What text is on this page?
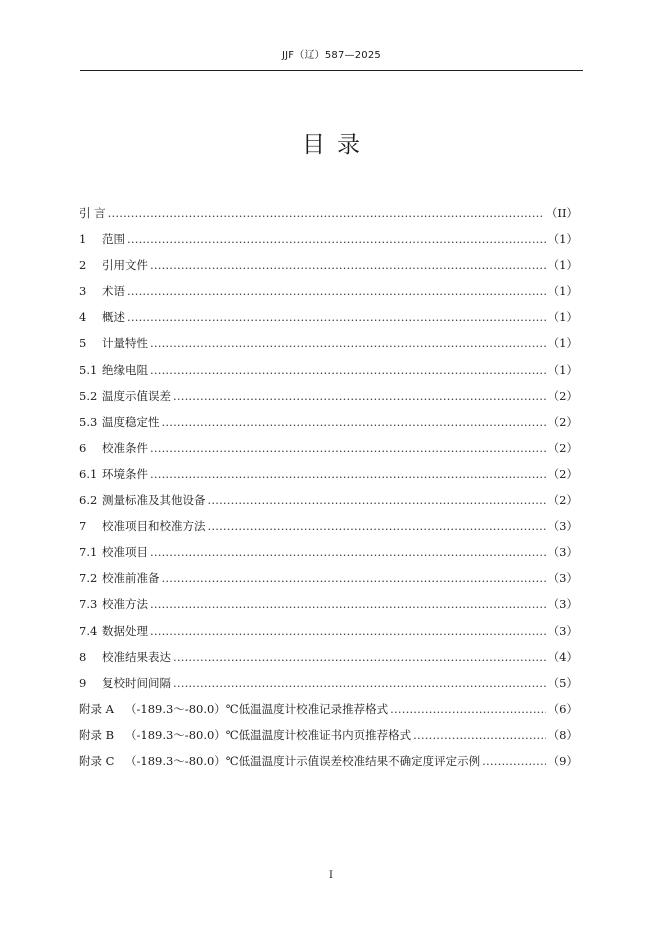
JJF（辽）587—2025
目录
引 言 .....	（II）
1	范围 .....	（1）
2	引用文件 .....	（1）
3	术语 .....	（1）
4	概述 .....	（1）
5	计量特性 .....	（1）
5.1 绝缘电阻 .....	（1）
5.2 温度示值误差 .....	（2）
5.3 温度稳定性 .....	（2）
6	校准条件 .....	（2）
6.1 环境条件 .....	（2）
6.2 测量标准及其他设备 .....	（2）
7	校准项目和校准方法 .....	（3）
7.1 校准项目 .....	（3）
7.2 校准前准备 .....	（3）
7.3 校准方法 .....	（3）
7.4 数据处理 .....	（3）
8	校准结果表达 .....	（4）
9	复校时间间隔 .....	（5）
附录 A （-189.3～-80.0）℃低温温度计校准记录推荐格式 .....	（6）
附录 B （-189.3～-80.0）℃低温温度计校准证书内页推荐格式 .....	（8）
附录 C （-189.3～-80.0）℃低温温度计示值误差校准结果不确定度评定示例 .....	（9）
I
